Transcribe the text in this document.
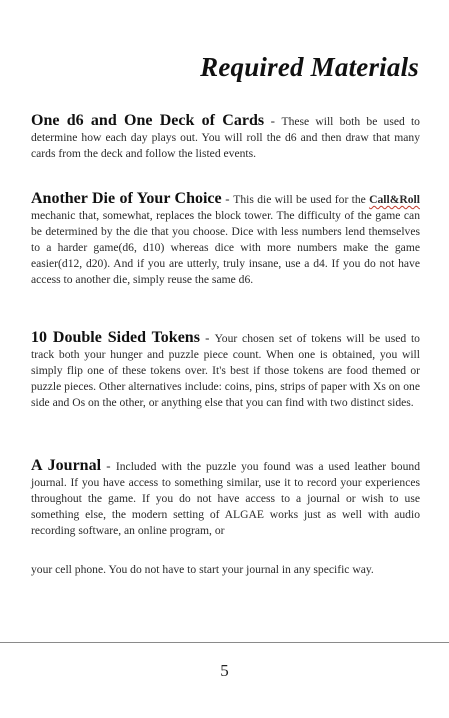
Required Materials
One d6 and One Deck of Cards - These will both be used to determine how each day plays out. You will roll the d6 and then draw that many cards from the deck and follow the listed events.
Another Die of Your Choice - This die will be used for the Call&Roll mechanic that, somewhat, replaces the block tower. The difficulty of the game can be determined by the die that you choose. Dice with less numbers lend themselves to a harder game(d6, d10) whereas dice with more numbers make the game easier(d12, d20). And if you are utterly, truly insane, use a d4. If you do not have access to another die, simply reuse the same d6.
10 Double Sided Tokens - Your chosen set of tokens will be used to track both your hunger and puzzle piece count. When one is obtained, you will simply flip one of these tokens over. It's best if those tokens are food themed or puzzle pieces. Other alternatives include: coins, pins, strips of paper with Xs on one side and Os on the other, or anything else that you can find with two distinct sides.
A Journal - Included with the puzzle you found was a used leather bound journal. If you have access to something similar, use it to record your experiences throughout the game. If you do not have access to a journal or wish to use something else, the modern setting of ALGAE works just as well with audio recording software, an online program, or
your cell phone. You do not have to start your journal in any specific way.
5
